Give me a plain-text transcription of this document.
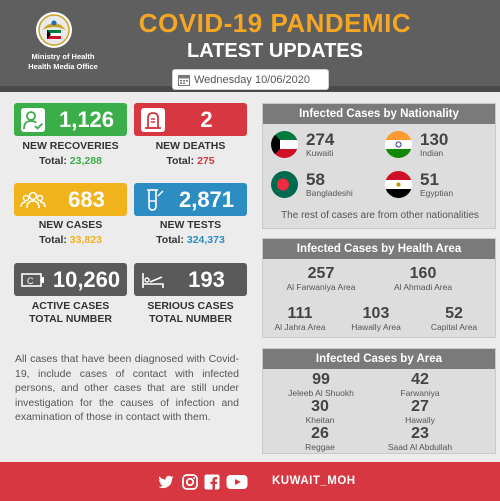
Ministry of Health
Health Media Office
COVID-19 PANDEMIC
LATEST UPDATES
Wednesday 10/06/2020
1,126
NEW RECOVERIES
Total: 23,288
2
NEW DEATHS
Total: 275
683
NEW CASES
Total: 33,823
2,871
NEW TESTS
Total: 324,373
C 10,260
ACTIVE CASES
TOTAL NUMBER
193
SERIOUS CASES
TOTAL NUMBER
All cases that have been diagnosed with Covid-19, include cases of contact with infected persons, and other cases that are still under investigation for the causes of infection and examination of those in contact with them.
Infected Cases by Nationality
274
Kuwaiti
130
Indian
58
Bangladeshi
51
Egyptian
The rest of cases are from other nationalities
Infected Cases by Health Area
257
Al Farwaniya Area
160
Al Ahmadi Area
111
Al Jahra Area
103
Hawally Area
52
Capital Area
Infected Cases by Area
99
Jeleeb Al Shuokh
42
Farwaniya
30
Kheitan
27
Hawally
26
Reggae
23
Saad Al Abdullah
KUWAIT_MOH
